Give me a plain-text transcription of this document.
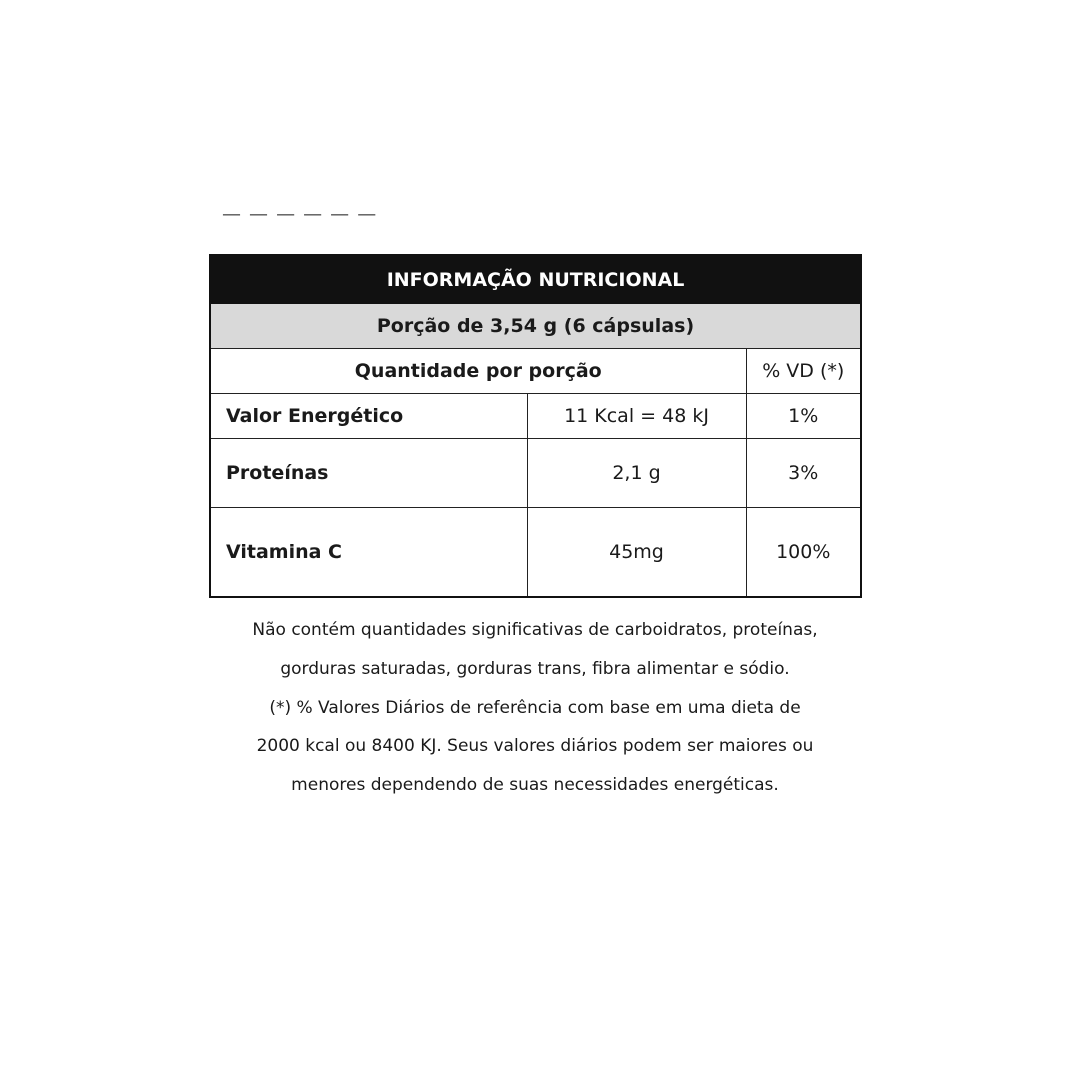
— — — — — —
INFORMAÇÃO NUTRICIONAL		
Porção de 3,54 g (6 cápsulas)		
Quantidade por porção		% VD (*)
Valor Energético	11 Kcal = 48 kJ	1%
Proteínas	2,1 g	3%
Vitamina C	45mg	100%

Não contém quantidades significativas de carboidratos, proteínas,

gorduras saturadas, gorduras trans, fibra alimentar e sódio.

(*) % Valores Diários de referência com base em uma dieta de

2000 kcal ou 8400 KJ. Seus valores diários podem ser maiores ou

menores dependendo de suas necessidades energéticas.
